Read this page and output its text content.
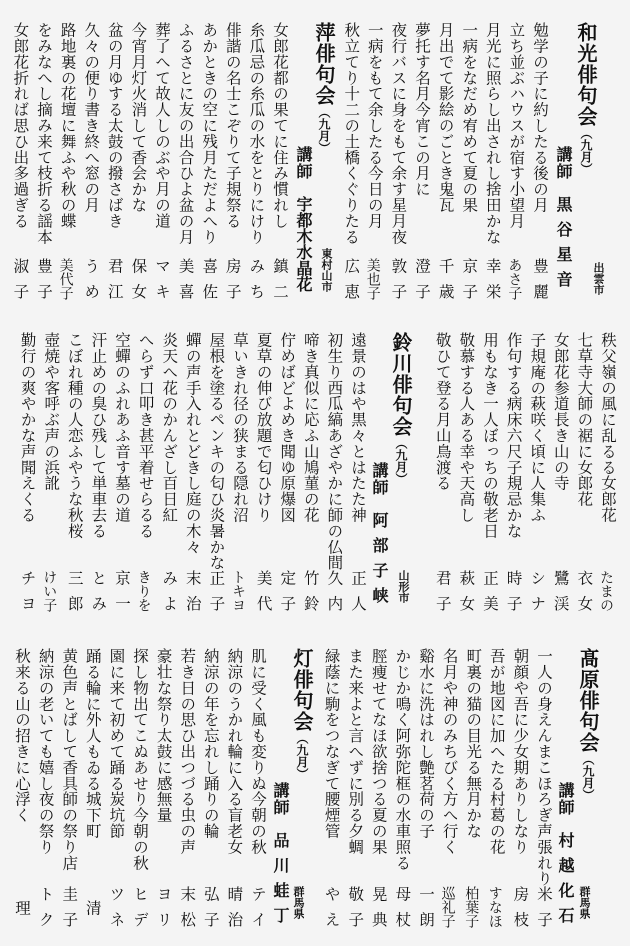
和光俳句会（九月）
講師　黒谷星音 出雲市
勉学の子に約したる後の月
豊麗
立ち並ぶハウスが宿す小望月
あさ子
月光に照らし出されし捨田かな
幸栄
一病をなだめ宥めて夏の果
京子
月出でて影絵のごとき鬼瓦
千歳
夢托す名月今宵この月に
澄子
夜行バスに身をもて余す星月夜
敦子
一病をもて余したる今日の月
美也子
秋立てり十二の土橋くぐりたる
広恵
萍俳句会（九月）
講師　宇都木水晶花 東村山市
女郎花都の果てに住み慣れし
鎮二
糸瓜忌の糸瓜の水をとりにけり
みち
俳諧の名士こぞりて子規祭る
房子
あかときの空に残月ただよへり
喜佐
ふるさとに友の出合ひよ盆の月
美喜
葬了へて故人しのぶや月の道
マキ
今宵月灯火消して香会かな
保女
盆の月ゆする太鼓の撥さばき
君江
久々の便り書き終へ窓の月
うめ
路地裏の花壇に舞ふや秋の蝶
美代子
をみなへし摘み来て枝折る謡本
豊子
女郎花折れば思ひ出多過ぎる
淑子
秩父嶺の風に乱るる女郎花
たまの
七草寺大師の裾に女郎花
衣女
女郎花参道長き山の寺
鷺渓
子規庵の萩咲く頃に人集ふ
シナ
作句する病床六尺子規忌かな
時子
用もなき一人ぼっちの敬老日
正美
敬慕する人ある幸や天高し
萩女
敬ひて登る月山鳥渡る
君子
鈴川俳句会（九月）
講師　阿部子峡 山形市
遠景のはや黒々とはたた神
正人
初生り西瓜縞あざやかに師の仏間
久内
啼き真似に応ふ山鳩菫の花
竹鈴
佇めばどよめき聞ゆ原爆図
定子
夏草の伸び放題で匂ひけり
美代
草いきれ径の狭まる隠れ沼
トキヨ
屋根を塗るペンキの匂ひ炎暑かな
正子
蟬の声手入れとどきし庭の木々
末治
炎天へ花のかんざし百日紅
みよ
へらず口叩き甚平着せらるる
きりを
空蟬のふれあふ音す墓の道
京一
汗止めの臭ひ残して単車去る
とみ
こぼれ種の人恋ふやうな秋桜
三郎
壺焼や客呼ぶ声の浜訛
けい子
勤行の爽やかな声聞えくる
チヨ
髙原俳句会（九月）
講師　村越化石 群馬県
一人の身えんまこほろぎ声張れり
米子
朝顔や吾に少女期ありしなり
房枝
吾が地図に加へたる村葛の花
すなほ
町裏の猫の目光る無月かな
柏葉子
名月や神のみちびく方へ行く
巡礼子
谿水に洗はれし艶茗荷の子
一朗
かじか鳴く阿弥陀框の水車照る
母杖
脛痩せてなほ欲捨つる夏の果
晃典
また来よと言へずに別る夕蜩
敬子
緑蔭に駒をつなぎて腰煙管
やえ
灯俳句会（九月）
講師　品川蛙丁 群馬県
肌に受く風も変りぬ今朝の秋
テイ
納涼のうかれ輪に入る盲老女
晴治
納涼の年を忘れし踊りの輪
弘子
若き日の思ひ出つづる虫の声
末松
豪壮な祭り太鼓に感無量
ヨリ
探し物出てこぬあせり今朝の秋
ヒデ
園に来て初めて踊る炭坑節
ツネ
踊る輪に外人もゐる城下町
清
黄色声とばして香具師の祭り店
圭子
納涼の老いても嬉し夜の祭り
トク
秋来る山の招きに心浮く
理
